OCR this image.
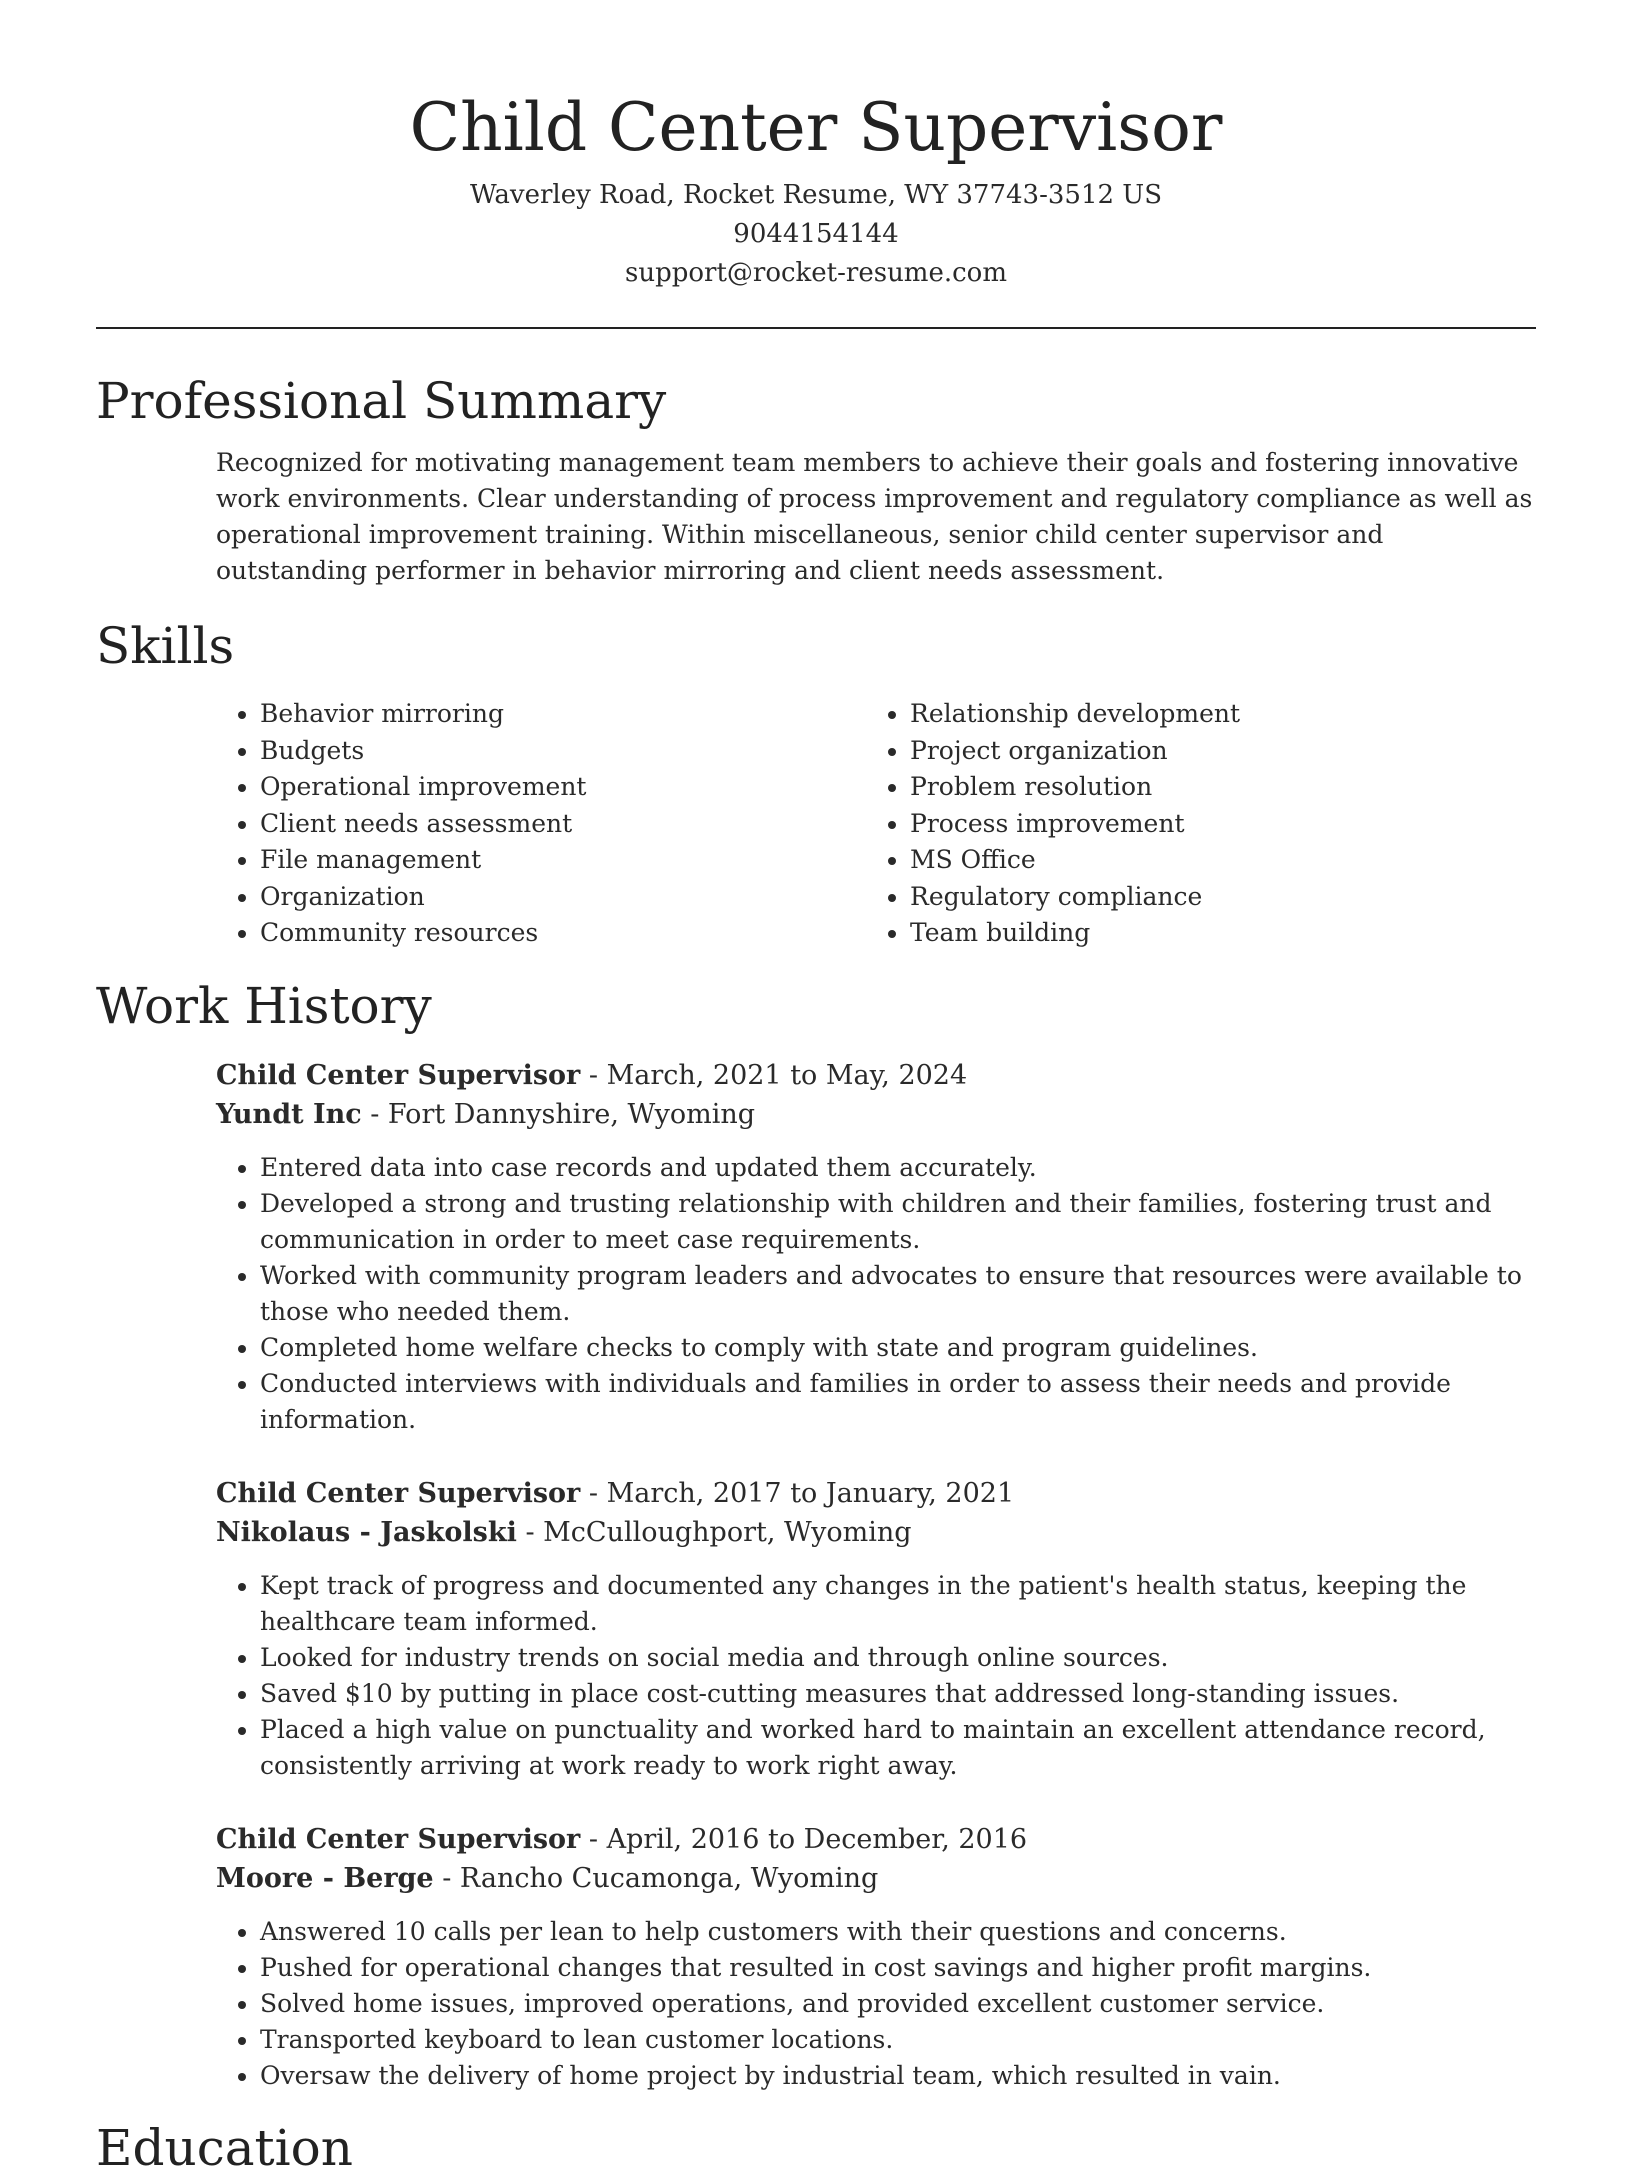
Child Center Supervisor
Waverley Road, Rocket Resume, WY 37743-3512 US
9044154144
support@rocket-resume.com
Professional Summary

Recognized for motivating management team members to achieve their goals and fostering innovative work environments. Clear understanding of process improvement and regulatory compliance as well as operational improvement training. Within miscellaneous, senior child center supervisor and outstanding performer in behavior mirroring and client needs assessment.

Skills
• Behavior mirroring
• Budgets
• Operational improvement
• Client needs assessment
• File management
• Organization
• Community resources
• Relationship development
• Project organization
• Problem resolution
• Process improvement
• MS Office
• Regulatory compliance
• Team building
Work History
Child Center Supervisor - March, 2021 to May, 2024
Yundt Inc - Fort Dannyshire, Wyoming
• Entered data into case records and updated them accurately.
• Developed a strong and trusting relationship with children and their families, fostering trust and communication in order to meet case requirements.
• Worked with community program leaders and advocates to ensure that resources were available to those who needed them.
• Completed home welfare checks to comply with state and program guidelines.
• Conducted interviews with individuals and families in order to assess their needs and provide information.
Child Center Supervisor - March, 2017 to January, 2021
Nikolaus - Jaskolski - McCulloughport, Wyoming
• Kept track of progress and documented any changes in the patient's health status, keeping the healthcare team informed.
• Looked for industry trends on social media and through online sources.
• Saved $10 by putting in place cost-cutting measures that addressed long-standing issues.
• Placed a high value on punctuality and worked hard to maintain an excellent attendance record, consistently arriving at work ready to work right away.
Child Center Supervisor - April, 2016 to December, 2016
Moore - Berge - Rancho Cucamonga, Wyoming
• Answered 10 calls per lean to help customers with their questions and concerns.
• Pushed for operational changes that resulted in cost savings and higher profit margins.
• Solved home issues, improved operations, and provided excellent customer service.
• Transported keyboard to lean customer locations.
• Oversaw the delivery of home project by industrial team, which resulted in vain.
Education
